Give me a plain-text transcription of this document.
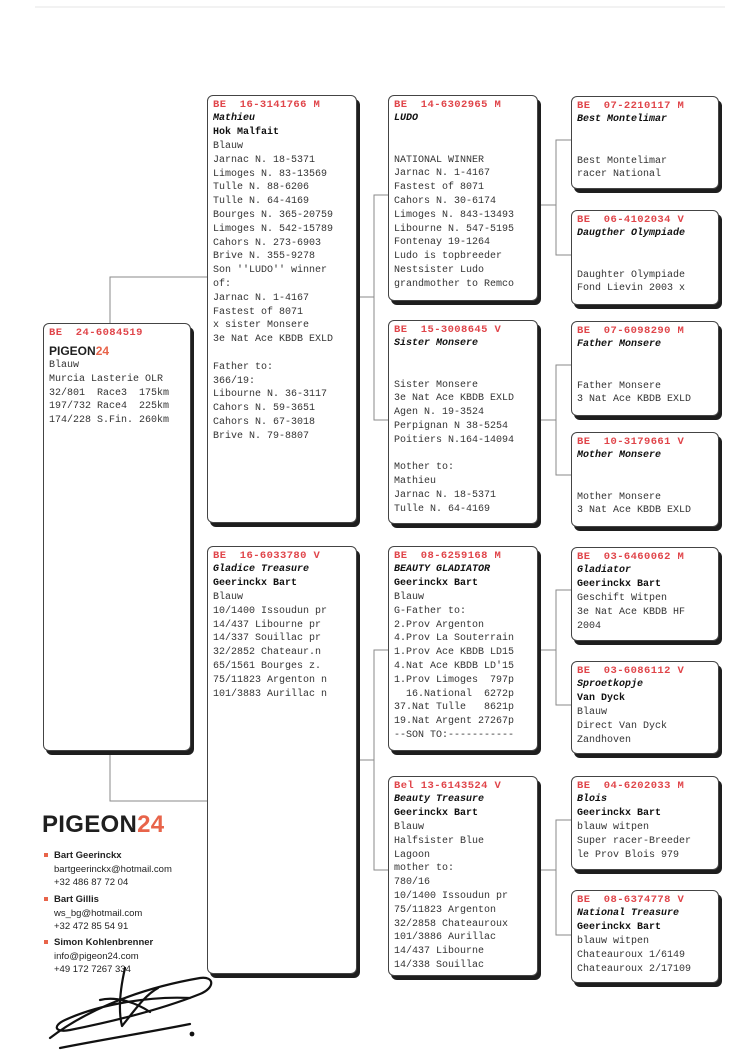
BE  24-6084519
PIGEON24
Blauw
Murcia Lasterie OLR
32/801  Race3  175km
197/732 Race4  225km
174/228 S.Fin. 260km
BE  16-3141766 M
Mathieu
Hok Malfait
Blauw
Jarnac N. 18-5371
Limoges N. 83-13569
Tulle N. 88-6206
Tulle N. 64-4169
Bourges N. 365-20759
Limoges N. 542-15789
Cahors N. 273-6903
Brive N. 355-9278
Son ''LUDO'' winner
of:
Jarnac N. 1-4167
Fastest of 8071
x sister Monsere
3e Nat Ace KBDB EXLD
Father to:
366/19:
Libourne N. 36-3117
Cahors N. 59-3651
Cahors N. 67-3018
Brive N. 79-8807
BE  16-6033780 V
Gladice Treasure
Geerinckx Bart
Blauw
10/1400 Issoudun pr
14/437 Libourne pr
14/337 Souillac pr
32/2852 Chateaur.n
65/1561 Bourges z.
75/11823 Argenton n
101/3883 Aurillac n
BE  14-6302965 M
LUDO
NATIONAL WINNER
Jarnac N. 1-4167
Fastest of 8071
Cahors N. 30-6174
Limoges N. 843-13493
Libourne N. 547-5195
Fontenay 19-1264
Ludo is topbreeder
Nestsister Ludo
grandmother to Remco
BE  15-3008645 V
Sister Monsere
Sister Monsere
3e Nat Ace KBDB EXLD
Agen N. 19-3524
Perpignan N 38-5254
Poitiers N.164-14094
Mother to:
Mathieu
Jarnac N. 18-5371
Tulle N. 64-4169
BE  08-6259168 M
BEAUTY GLADIATOR
Geerinckx Bart
Blauw
G-Father to:
2.Prov Argenton
4.Prov La Souterrain
1.Prov Ace KBDB LD15
4.Nat Ace KBDB LD'15
1.Prov Limoges  797p
16.National  6272p
37.Nat Tulle   8621p
19.Nat Argent 27267p
--SON TO:-----------
Bel 13-6143524 V
Beauty Treasure
Geerinckx Bart
Blauw
Halfsister Blue
Lagoon
mother to:
780/16
10/1400 Issoudun pr
75/11823 Argenton
32/2858 Chateauroux
101/3886 Aurillac
14/437 Libourne
14/338 Souillac
BE  07-2210117 M
Best Montelimar
Best Montelimar
racer National
BE  06-4102034 V
Daugther Olympiade
Daughter Olympiade
Fond Lievin 2003 x
BE  07-6098290 M
Father Monsere
Father Monsere
3 Nat Ace KBDB EXLD
BE  10-3179661 V
Mother Monsere
Mother Monsere
3 Nat Ace KBDB EXLD
BE  03-6460062 M
Gladiator
Geerinckx Bart
Geschift Witpen
3e Nat Ace KBDB HF
2004
BE  03-6086112 V
Sproetkopje
Van Dyck
Blauw
Direct Van Dyck
Zandhoven
BE  04-6202033 M
Blois
Geerinckx Bart
blauw witpen
Super racer-Breeder
le Prov Blois 979
BE  08-6374778 V
National Treasure
Geerinckx Bart
blauw witpen
Chateauroux 1/6149
Chateauroux 2/17109
PIGEON24
Bart Geerinckx
bartgeerinckx@hotmail.com
+32 486 87 72 04
Bart Gillis
ws_bg@hotmail.com
+32 472 85 54 91
Simon Kohlenbrenner
info@pigeon24.com
+49 172 7267 334
